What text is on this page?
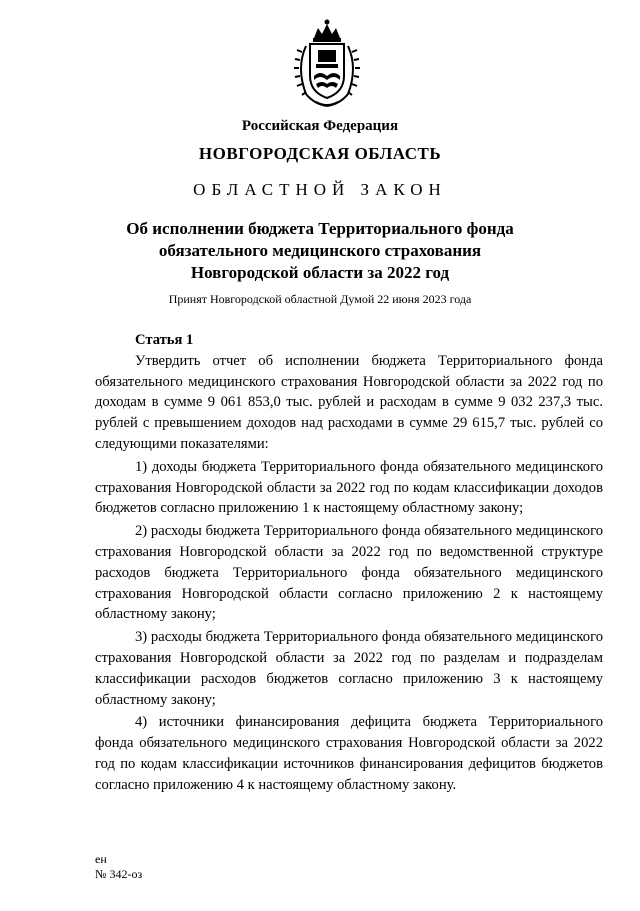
Российская Федерация
НОВГОРОДСКАЯ ОБЛАСТЬ
ОБЛАСТНОЙ ЗАКОН
Об исполнении бюджета Территориального фонда
обязательного медицинского страхования
Новгородской области за 2022 год
Принят Новгородской областной Думой 22 июня 2023 года
Статья 1

Утвердить отчет об исполнении бюджета Территориального фонда обязательного медицинского страхования Новгородской области за 2022 год по доходам в сумме 9 061 853,0 тыс. рублей и расходам в сумме 9 032 237,3 тыс. рублей с превышением доходов над расходами в сумме 29 615,7 тыс. рублей со следующими показателями:

1) доходы бюджета Территориального фонда обязательного медицинского страхования Новгородской области за 2022 год по кодам классификации доходов бюджетов согласно приложению 1 к настоящему областному закону;

2) расходы бюджета Территориального фонда обязательного медицинского страхования Новгородской области за 2022 год по ведомственной структуре расходов бюджета Территориального фонда обязательного медицинского страхования Новгородской области согласно приложению 2 к настоящему областному закону;

3) расходы бюджета Территориального фонда обязательного медицинского страхования Новгородской области за 2022 год по разделам и подразделам классификации расходов бюджетов согласно приложению 3 к настоящему областному закону;

4) источники финансирования дефицита бюджета Территориального фонда обязательного медицинского страхования Новгородской области за 2022 год по кодам классификации источников финансирования дефицитов бюджетов согласно приложению 4 к настоящему областному закону.

ен
№ 342-оз
